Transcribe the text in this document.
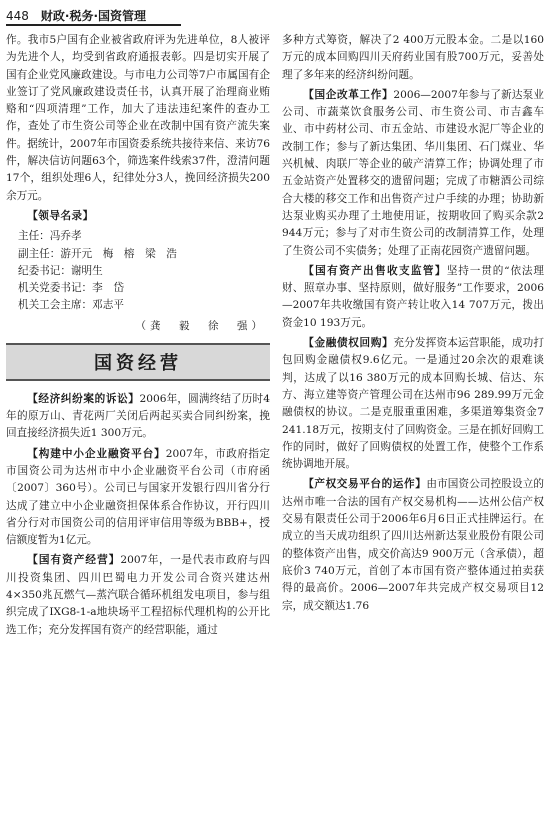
448 财政·税务·国资管理

作。我市5户国有企业被省政府评为先进单位，8人被评为先进个人，均受到省政府通报表彰。四是切实开展了国有企业党风廉政建设。与市电力公司等7户市属国有企业签订了党风廉政建设责任书，认真开展了治理商业贿赂和“四项清理”工作，加大了违法违纪案件的查办工作，查处了市生资公司等企业在改制中国有资产流失案件。据统计，2007年市国资委系统共接待来信、来访76件，解决信访问题63个，筛选案件线索37件，澄清问题17个，组织处理6人，纪律处分3人，挽回经济损失200余万元。

【领导名录】

主任：冯乔孝
副主任：游开元　梅　榕　梁　浩
纪委书记：谢明生
机关党委书记：李　岱
机关工会主席：邓志平
（龚　毅　徐　强）
国资经营

【经济纠纷案的诉讼】2006年，圆满终结了历时4年的原万山、青花两厂关闭后两起买卖合同纠纷案，挽回直接经济损失近1 300万元。

【构建中小企业融资平台】2007年，市政府指定市国资公司为达州市中小企业融资平台公司（市府函〔2007〕360号）。公司已与国家开发银行四川省分行达成了建立中小企业融资担保体系合作协议，开行四川省分行对市国资公司的信用评审信用等级为BBB+，授信额度暂为1亿元。

【国有资产经营】2007年，一是代表市政府与四川投资集团、四川巴蜀电力开发公司合资兴建达州4×350兆瓦燃气—蒸汽联合循环机组发电项目，参与组织完成了IXG8-1-a地块场平工程招标代理机构的公开比选工作；充分发挥国有资产的经营职能，通过

多种方式筹资，解决了2 400万元股本金。二是以160万元的成本回购四川天府药业国有股700万元，妥善处理了多年来的经济纠纷问题。

【国企改革工作】2006—2007年参与了新达泵业公司、市蔬菜饮食服务公司、市生资公司、市吉鑫车业、市中药材公司、市五金站、市建设水泥厂等企业的改制工作；参与了新达集团、华川集团、石门煤业、华兴机械、肉联厂等企业的破产清算工作；协调处理了市五金站资产处置移交的遗留问题；完成了市糖酒公司综合大楼的移交工作和出售资产过户手续的办理；协助新达泵业购买办理了土地使用证，按期收回了购买余款2 944万元；参与了对市生资公司的改制清算工作，处理了生资公司不实债务；处理了正南花园资产遗留问题。

【国有资产出售收支监管】坚持一贯的“依法理财、照章办事、坚持原则，做好服务”工作要求，2006—2007年共收缴国有资产转让收入14 707万元，拨出资金10 193万元。

【金融债权回购】充分发挥资本运营职能，成功打包回购金融债权9.6亿元。一是通过20余次的艰难谈判，达成了以16 380万元的成本回购长城、信达、东方、海立建等资产管理公司在达州市96 289.99万元金融债权的协议。二是克服重重困难，多渠道筹集资金7 241.18万元，按期支付了回购资金。三是在抓好回购工作的同时，做好了回购债权的处置工作，使整个工作系统协调地开展。

【产权交易平台的运作】由市国资公司控股设立的达州市唯一合法的国有产权交易机构——达州公信产权交易有限责任公司于2006年6月6日正式挂牌运行。在成立的当天成功组织了四川达州新达泵业股份有限公司的整体资产出售，成交价高达9 900万元（含承债），超底价3 740万元，首创了本市国有资产整体通过拍卖获得的最高价。2006—2007年共完成产权交易项目12宗，成交额达1.76
